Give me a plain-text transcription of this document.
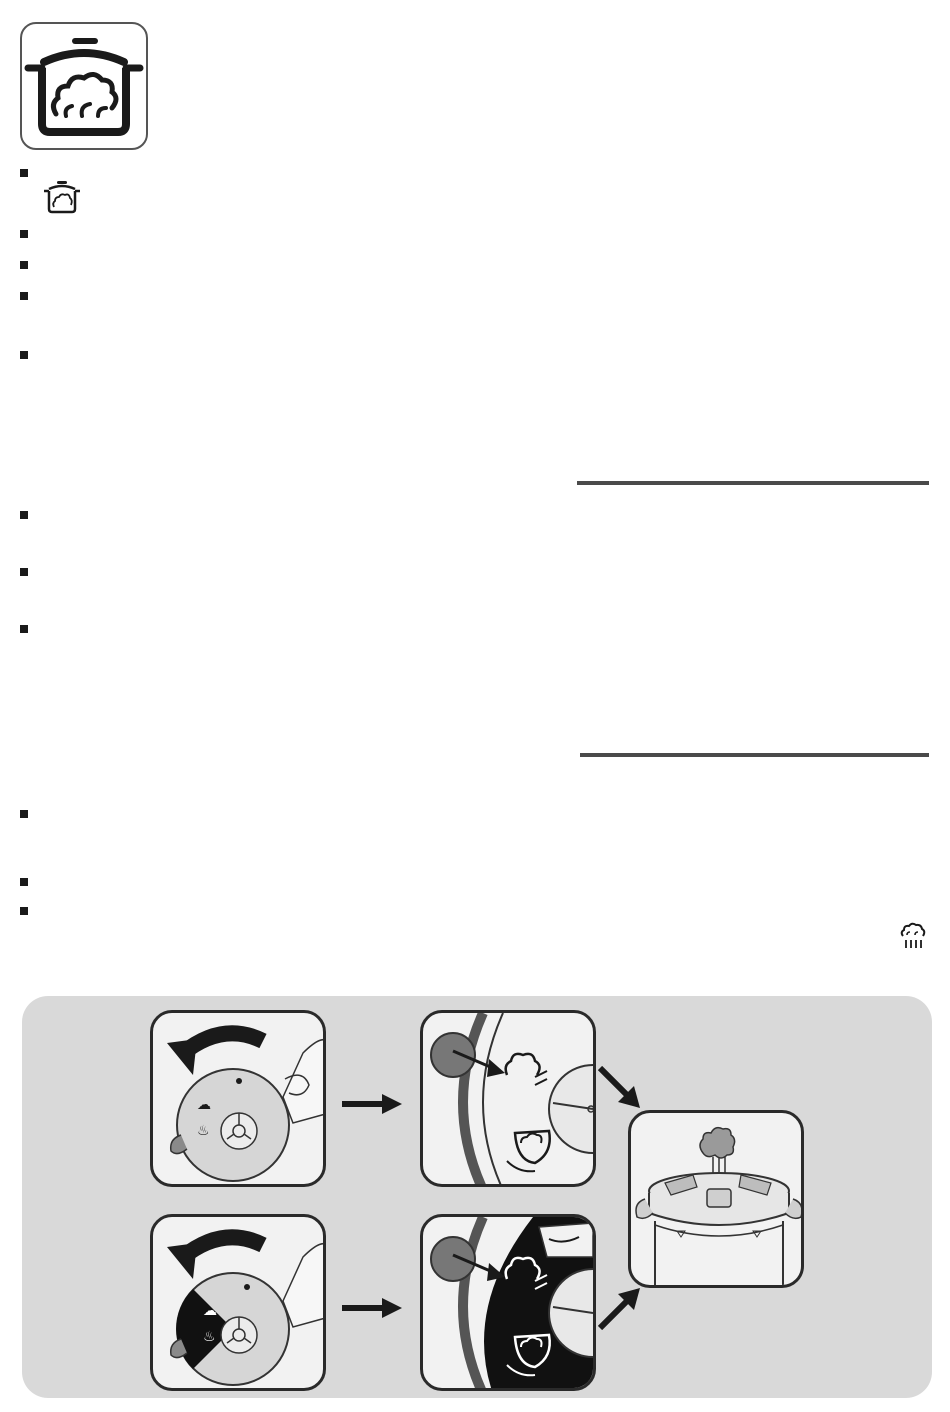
☁
♨
☁
♨
